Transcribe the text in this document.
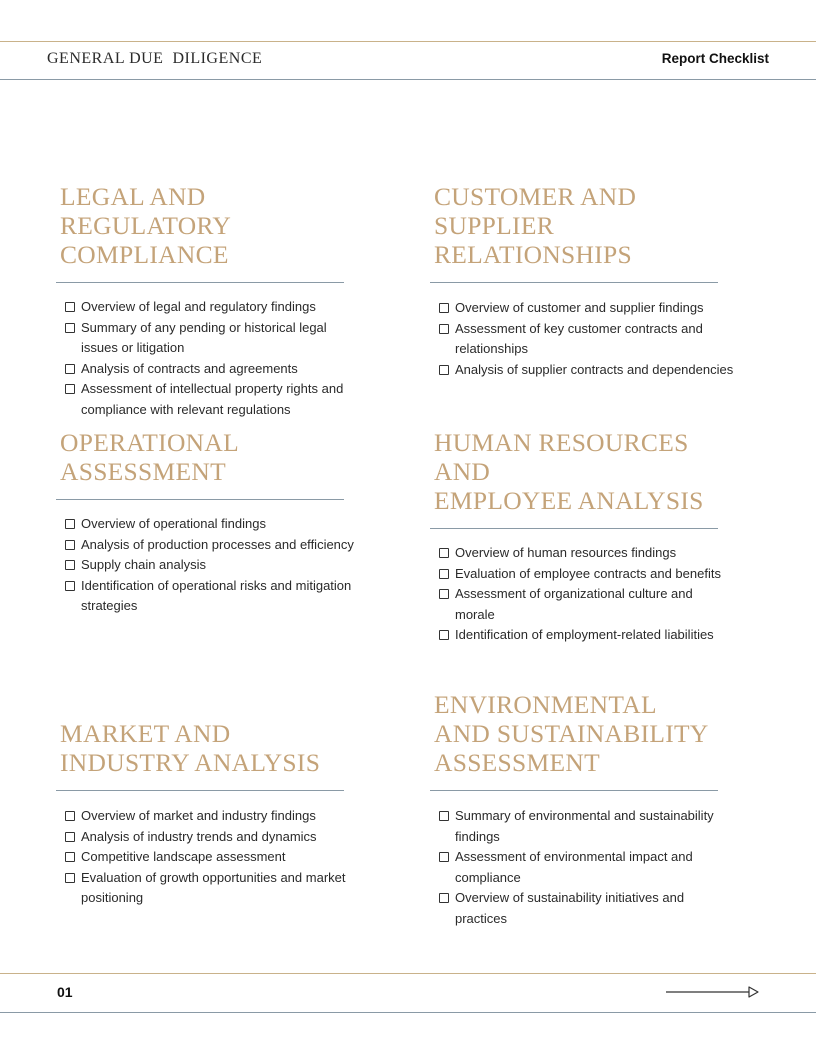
GENERAL DUE  DILIGENCE	Report Checklist
LEGAL AND REGULATORY
COMPLIANCE
Overview of legal and regulatory findings
Summary of any pending or historical legal issues or litigation
Analysis of contracts and agreements
Assessment of intellectual property rights and compliance with relevant regulations
CUSTOMER AND SUPPLIER
RELATIONSHIPS
Overview of customer and supplier findings
Assessment of key customer contracts and relationships
Analysis of supplier contracts and dependencies
OPERATIONAL
ASSESSMENT
Overview of operational findings
Analysis of production processes and efficiency
Supply chain analysis
Identification of operational risks and mitigation strategies
HUMAN RESOURCES AND
EMPLOYEE ANALYSIS
Overview of human resources findings
Evaluation of employee contracts and benefits
Assessment of organizational culture and morale
Identification of employment-related liabilities
MARKET AND
INDUSTRY ANALYSIS
Overview of market and industry findings
Analysis of industry trends and dynamics
Competitive landscape assessment
Evaluation of growth opportunities and market positioning
ENVIRONMENTAL
AND SUSTAINABILITY
ASSESSMENT
Summary of environmental and sustainability findings
Assessment of environmental impact and compliance
Overview of sustainability initiatives and practices
01
